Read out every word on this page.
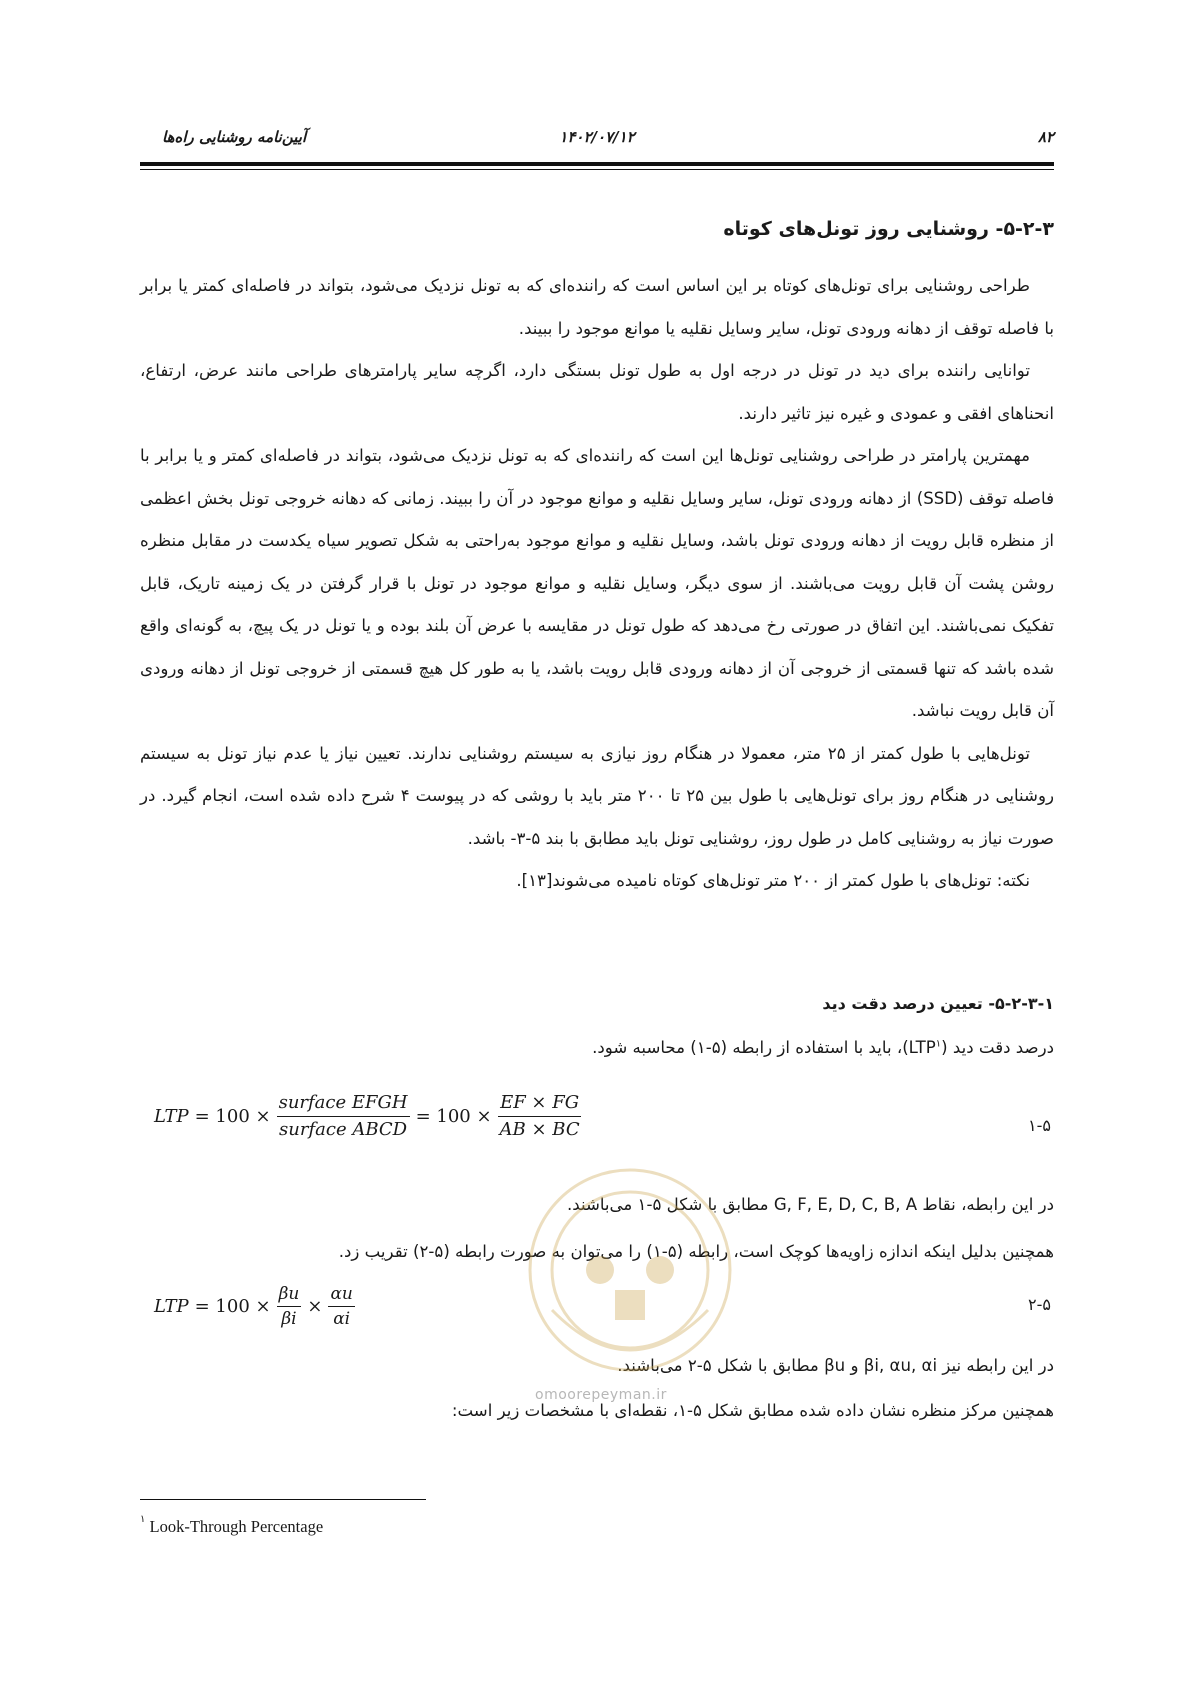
۸۲
۱۴۰۲/۰۷/۱۲
آیین‌نامه روشنایی راه‌ها
۵-۲-۳- روشنایی روز تونل‌های کوتاه

طراحی روشنایی برای تونل‌های کوتاه بر این اساس است که راننده‌ای که به تونل نزدیک می‌شود، بتواند در فاصله‌ای کمتر یا برابر با فاصله توقف از دهانه ورودی تونل، سایر وسایل نقلیه یا موانع موجود را ببیند.

توانایی راننده برای دید در تونل در درجه اول به طول تونل بستگی دارد، اگرچه سایر پارامترهای طراحی مانند عرض، ارتفاع، انحناهای افقی و عمودی و غیره نیز تاثیر دارند.

مهمترین پارامتر در طراحی روشنایی تونل‌ها این است که راننده‌ای که به تونل نزدیک می‌شود، بتواند در فاصله‌ای کمتر و یا برابر با فاصله توقف (SSD) از دهانه ورودی تونل، سایر وسایل نقلیه و موانع موجود در آن را ببیند. زمانی که دهانه خروجی تونل بخش اعظمی از منظره قابل رویت از دهانه ورودی تونل باشد، وسایل نقلیه و موانع موجود به‌راحتی به شکل تصویر سیاه یکدست در مقابل منظره روشن پشت آن قابل رویت می‌باشند. از سوی دیگر، وسایل نقلیه و موانع موجود در تونل با قرار گرفتن در یک زمینه تاریک، قابل تفکیک نمی‌باشند. این اتفاق در صورتی رخ می‌دهد که طول تونل در مقایسه با عرض آن بلند بوده و یا تونل در یک پیچ، به گونه‌ای واقع شده باشد که تنها قسمتی از خروجی آن از دهانه ورودی قابل رویت باشد، یا به طور کل هیچ قسمتی از خروجی تونل از دهانه ورودی آن قابل رویت نباشد.

تونل‌هایی با طول کمتر از ۲۵ متر، معمولا در هنگام روز نیازی به سیستم روشنایی ندارند. تعیین نیاز یا عدم نیاز تونل به سیستم روشنایی در هنگام روز برای تونل‌هایی با طول بین ۲۵ تا ۲۰۰ متر باید با روشی که در پیوست ۴ شرح داده شده است، انجام گیرد. در صورت نیاز به روشنایی کامل در طول روز، روشنایی تونل باید مطابق با بند ۵-۳- باشد.

نکته: تونل‌های با طول کمتر از ۲۰۰ متر تونل‌های کوتاه نامیده می‌شوند[۱۳].

۵-۲-۳-۱- تعیین درصد دقت دید
درصد دقت دید (LTP$^۱$)، باید با استفاده از رابطه (۵-۱) محاسبه شود.
LTP = $100 \times \frac{\text{surface EFGH}}{\text{surface ABCD}} = 100 \times \frac{EF \times FG}{AB \times BC}$	۱-۵
در این رابطه، نقاط G, F, E, D, C, B, A مطابق با شکل ۵-۱ می‌باشند.
همچنین بدلیل اینکه اندازه زاویه‌ها کوچک است، رابطه (۵-۱) را می‌توان به صورت رابطه (۵-۲) تقریب زد.
LTP = $100 \times \frac{\beta u}{\beta i} \times \frac{\alpha u}{\alpha i}$	۲-۵
در این رابطه نیز βi, αu, αi و βu مطابق با شکل ۵-۲ می‌باشند.
همچنین مرکز منظره نشان داده شده مطابق شکل ۵-۱، نقطه‌ای با مشخصات زیر است:
omoorepeyman.ir
$^۱$ Look-Through Percentage
